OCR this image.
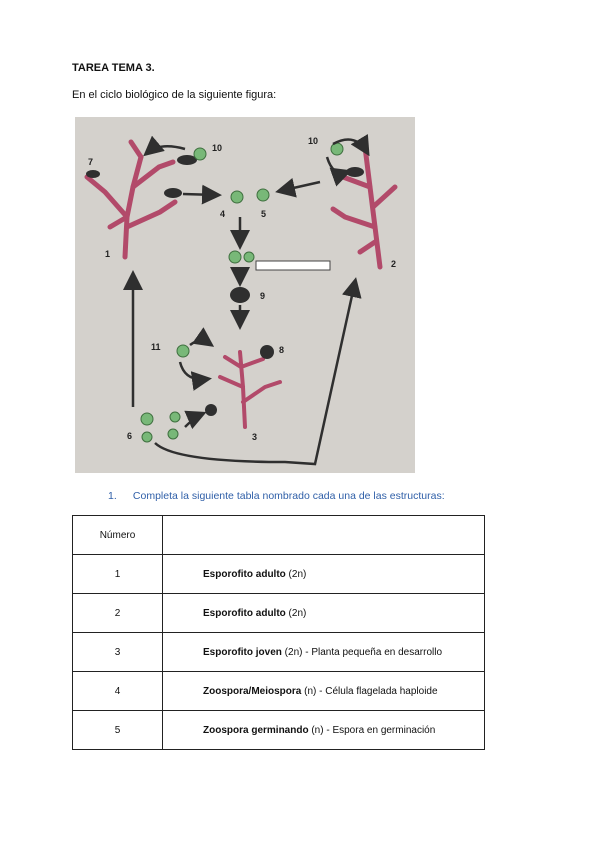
TAREA TEMA 3.
En el ciclo biológico de la siguiente figura:
1
2
3
4	5
6
7
8
9
10
10
11
1. Completa la siguiente tabla nombrado cada una de las estructuras:
Número	
1	Esporofito adulto (2n)
2	Esporofito adulto (2n)
3	Esporofito joven (2n) - Planta pequeña en desarrollo
4	Zoospora/Meiospora (n) - Célula flagelada haploide
5	Zoospora germinando (n) - Espora en germinación
